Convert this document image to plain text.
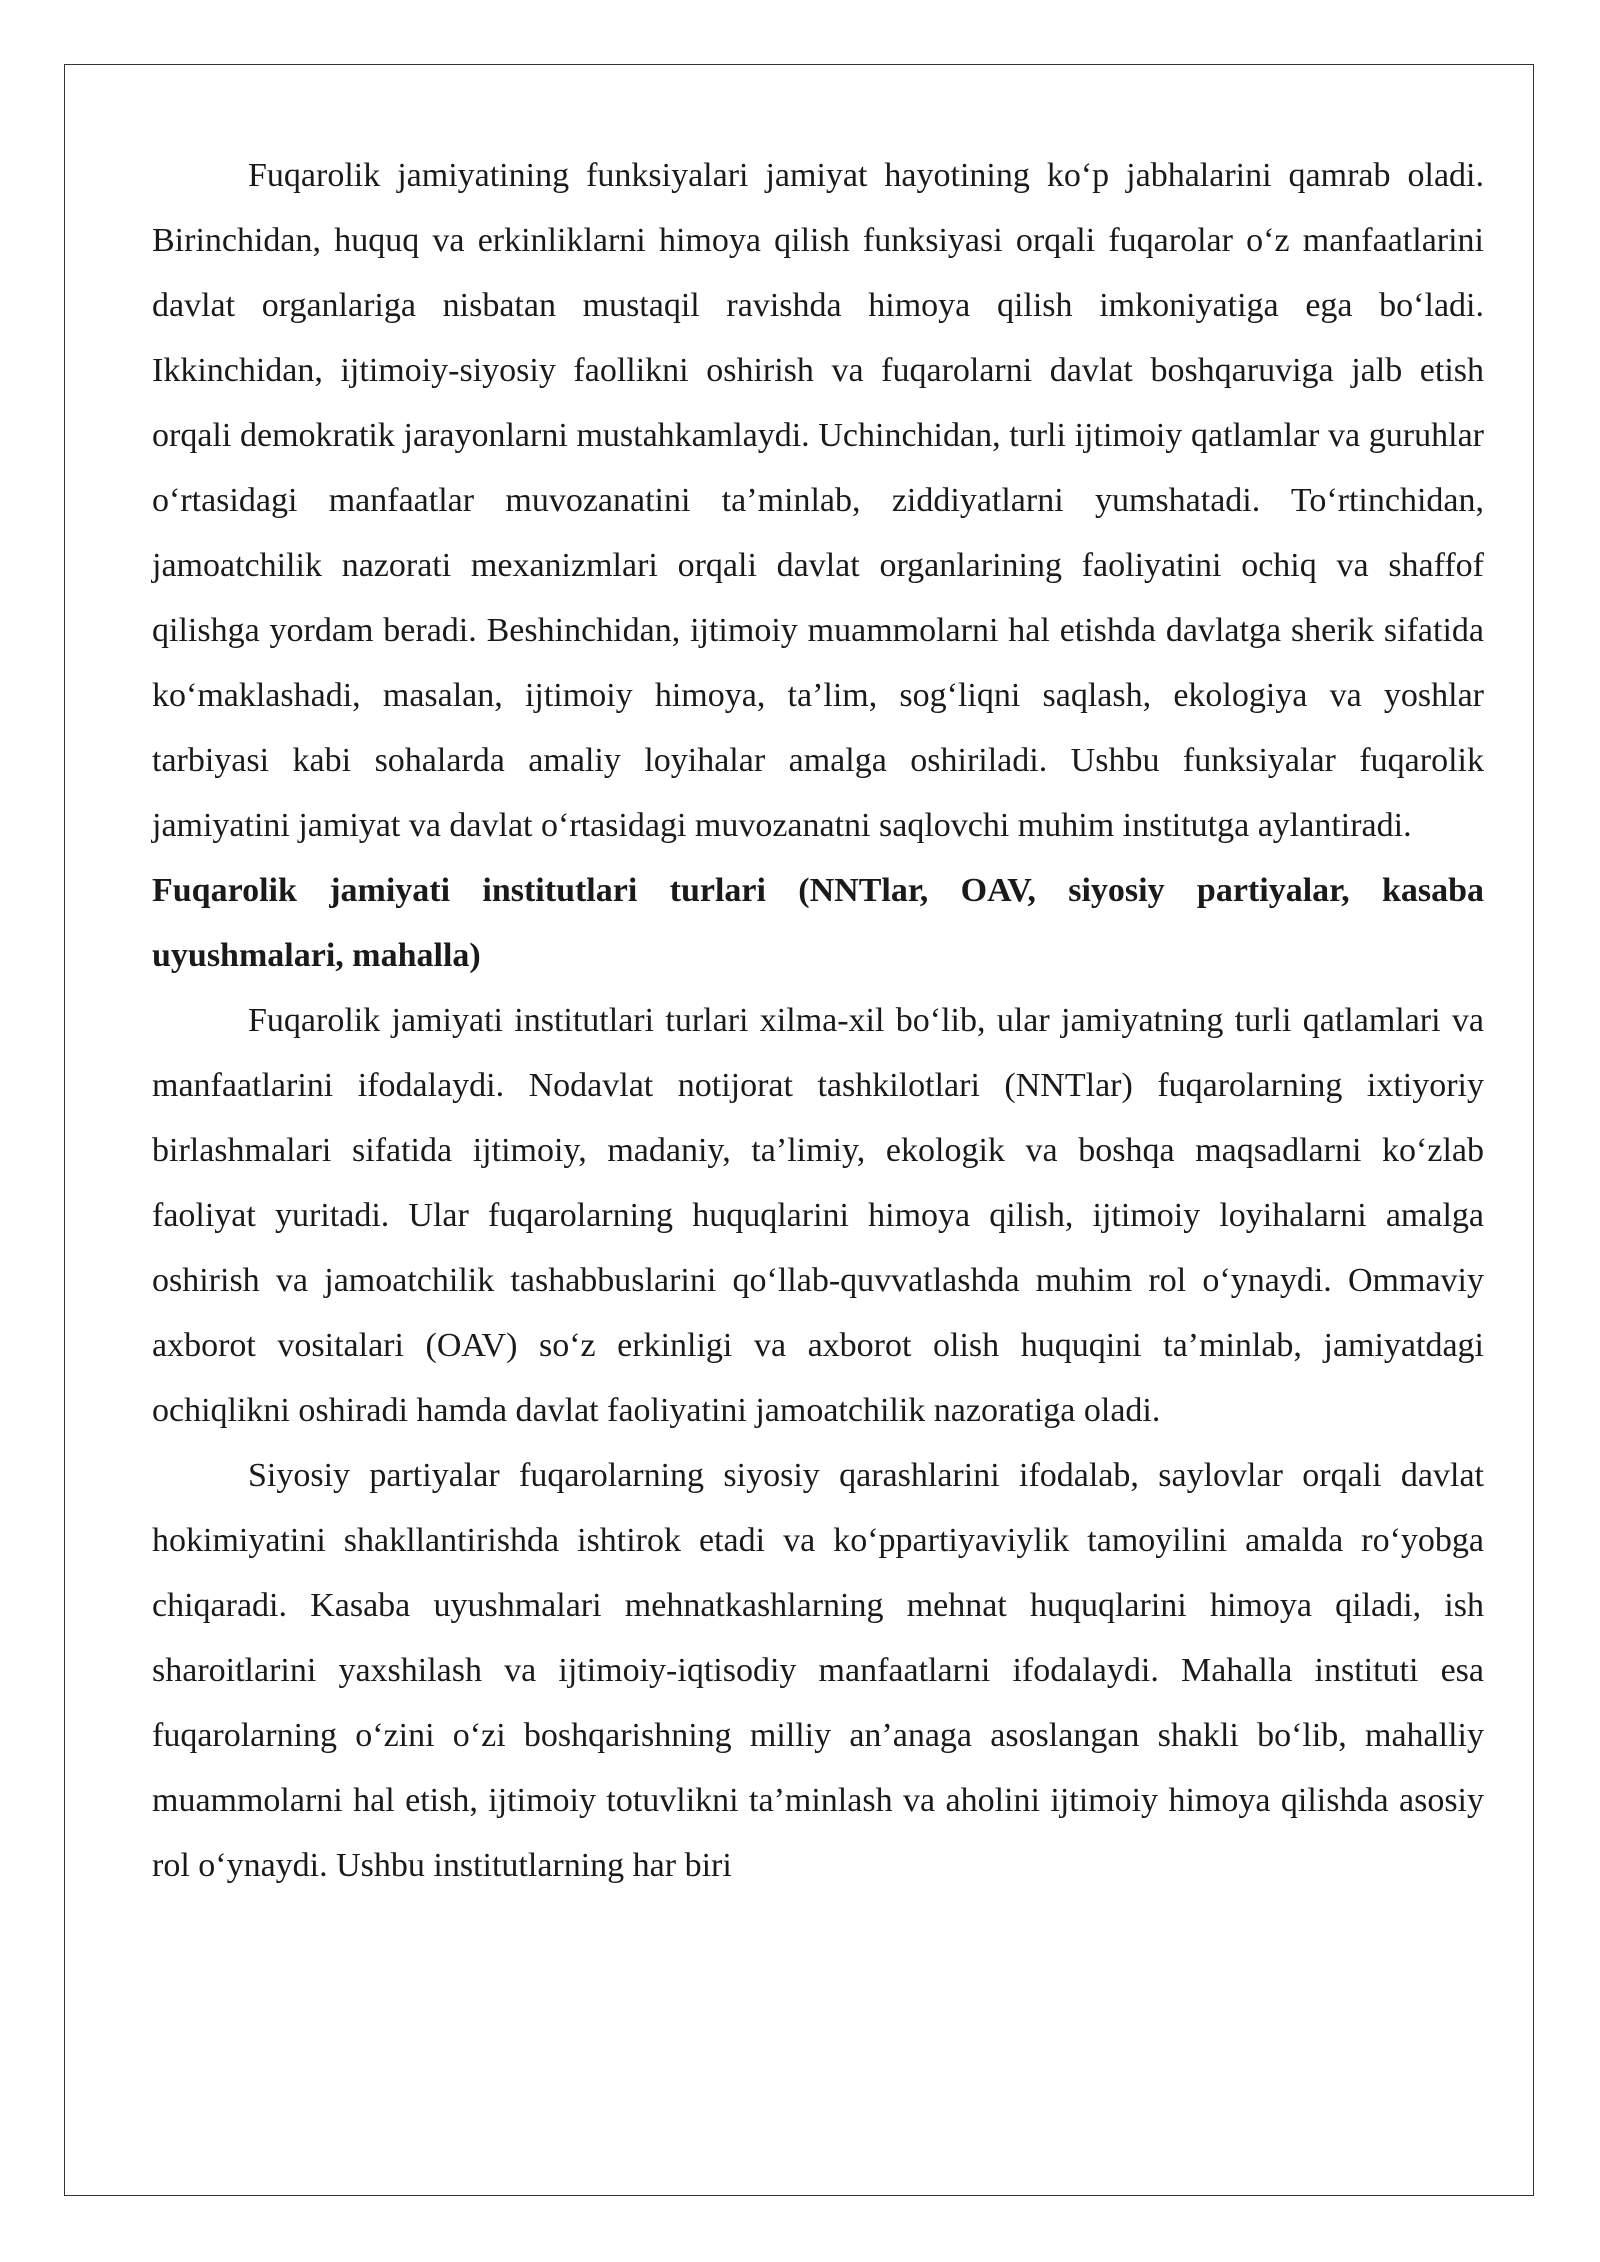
Fuqarolik jamiyatining funksiyalari jamiyat hayotining ko‘p jabhalarini qamrab oladi. Birinchidan, huquq va erkinliklarni himoya qilish funksiyasi orqali fuqarolar o‘z manfaatlarini davlat organlariga nisbatan mustaqil ravishda himoya qilish imkoniyatiga ega bo‘ladi. Ikkinchidan, ijtimoiy-siyosiy faollikni oshirish va fuqarolarni davlat boshqaruviga jalb etish orqali demokratik jarayonlarni mustahkamlaydi. Uchinchidan, turli ijtimoiy qatlamlar va guruhlar o‘rtasidagi manfaatlar muvozanatini ta’minlab, ziddiyatlarni yumshatadi. To‘rtinchidan, jamoatchilik nazorati mexanizmlari orqali davlat organlarining faoliyatini ochiq va shaffof qilishga yordam beradi. Beshinchidan, ijtimoiy muammolarni hal etishda davlatga sherik sifatida ko‘maklashadi, masalan, ijtimoiy himoya, ta’lim, sog‘liqni saqlash, ekologiya va yoshlar tarbiyasi kabi sohalarda amaliy loyihalar amalga oshiriladi. Ushbu funksiyalar fuqarolik jamiyatini jamiyat va davlat o‘rtasidagi muvozanatni saqlovchi muhim institutga aylantiradi.

Fuqarolik jamiyati institutlari turlari (NNTlar, OAV, siyosiy partiyalar, kasaba uyushmalari, mahalla)

Fuqarolik jamiyati institutlari turlari xilma-xil bo‘lib, ular jamiyatning turli qatlamlari va manfaatlarini ifodalaydi. Nodavlat notijorat tashkilotlari (NNTlar) fuqarolarning ixtiyoriy birlashmalari sifatida ijtimoiy, madaniy, ta’limiy, ekologik va boshqa maqsadlarni ko‘zlab faoliyat yuritadi. Ular fuqarolarning huquqlarini himoya qilish, ijtimoiy loyihalarni amalga oshirish va jamoatchilik tashabbuslarini qo‘llab-quvvatlashda muhim rol o‘ynaydi. Ommaviy axborot vositalari (OAV) so‘z erkinligi va axborot olish huquqini ta’minlab, jamiyatdagi ochiqlikni oshiradi hamda davlat faoliyatini jamoatchilik nazoratiga oladi.

Siyosiy partiyalar fuqarolarning siyosiy qarashlarini ifodalab, saylovlar orqali davlat hokimiyatini shakllantirishda ishtirok etadi va ko‘ppartiyaviylik tamoyilini amalda ro‘yobga chiqaradi. Kasaba uyushmalari mehnatkashlarning mehnat huquqlarini himoya qiladi, ish sharoitlarini yaxshilash va ijtimoiy-iqtisodiy manfaatlarni ifodalaydi. Mahalla instituti esa fuqarolarning o‘zini o‘zi boshqarishning milliy an’anaga asoslangan shakli bo‘lib, mahalliy muammolarni hal etish, ijtimoiy totuvlikni ta’minlash va aholini ijtimoiy himoya qilishda asosiy rol o‘ynaydi. Ushbu institutlarning har biri
